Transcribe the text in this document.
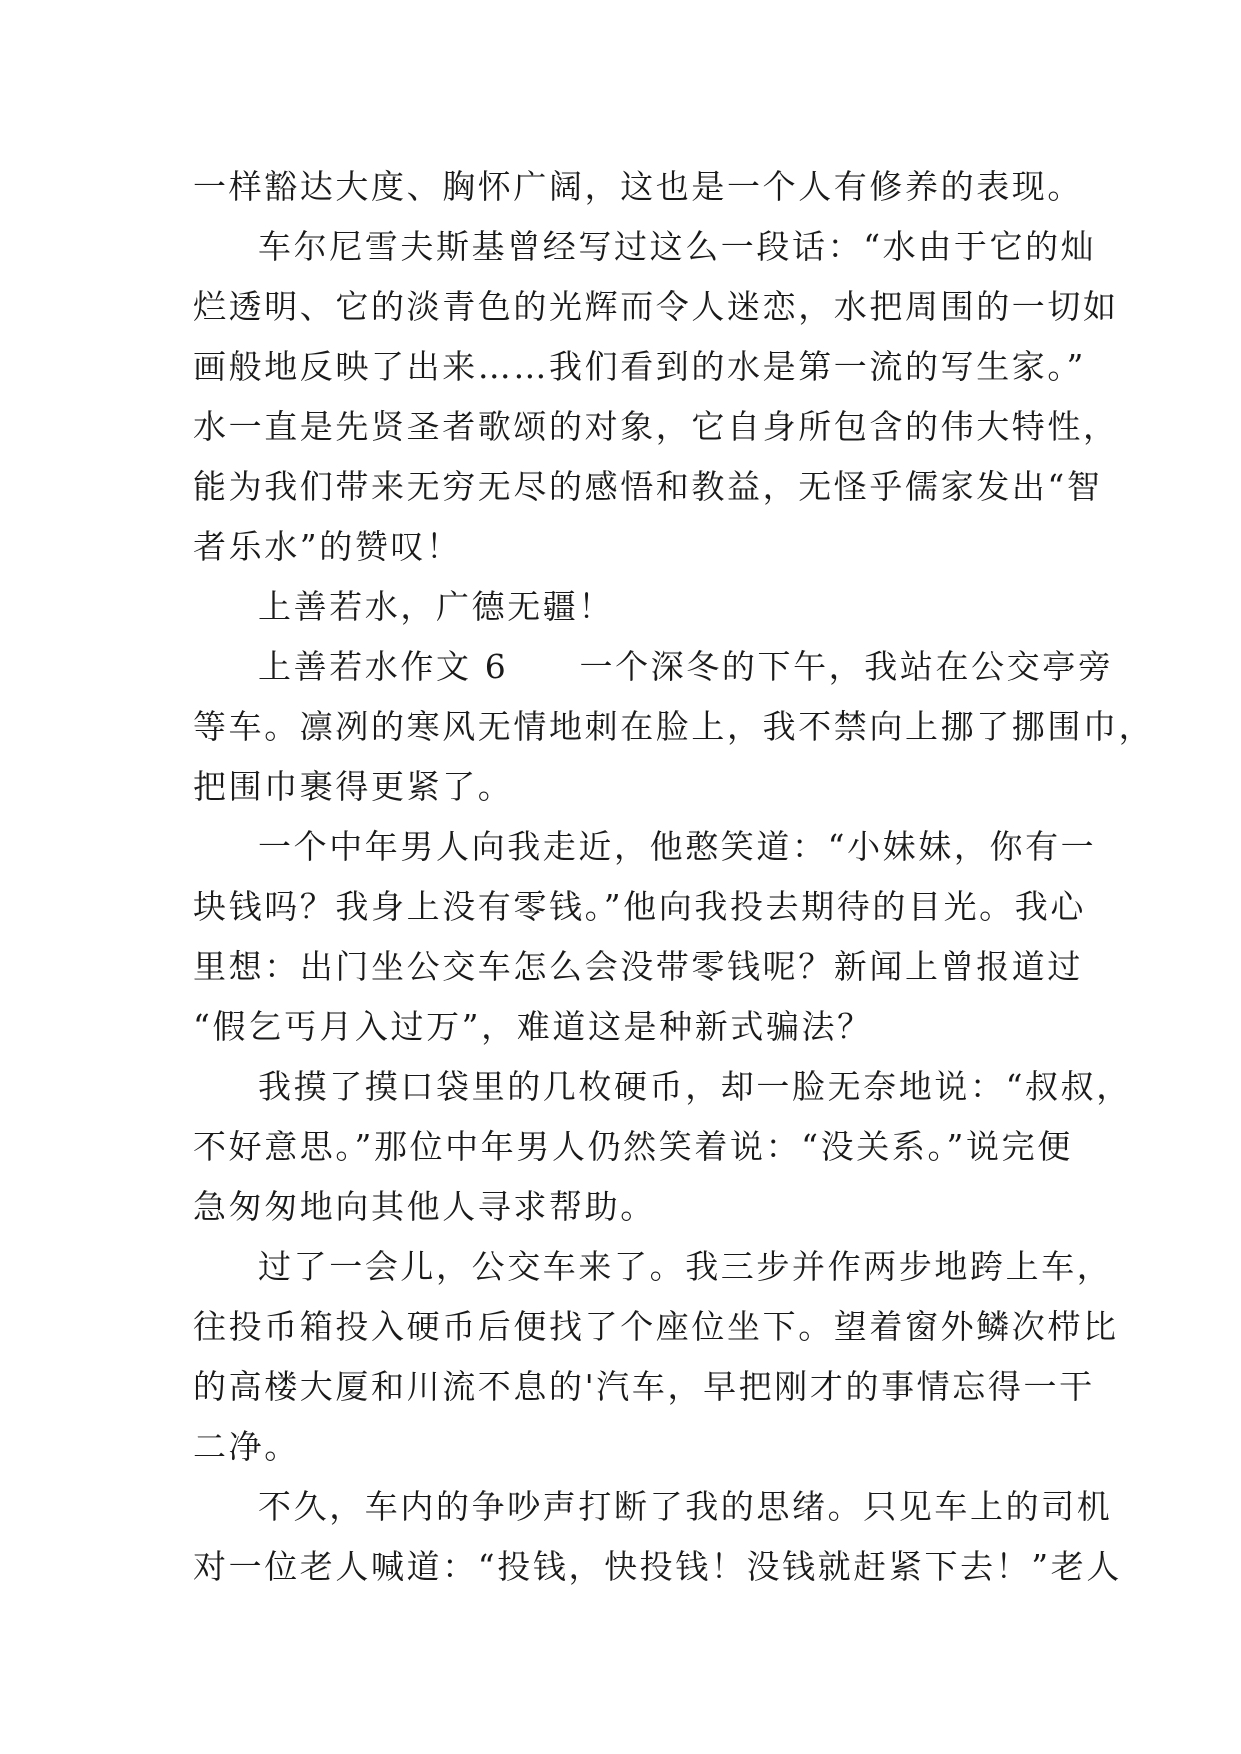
一样豁达大度、胸怀广阔，这也是一个人有修养的表现。
车尔尼雪夫斯基曾经写过这么一段话：“水由于它的灿
烂透明、它的淡青色的光辉而令人迷恋，水把周围的一切如
画般地反映了出来……我们看到的水是第一流的写生家。”
水一直是先贤圣者歌颂的对象，它自身所包含的伟大特性，
能为我们带来无穷无尽的感悟和教益，无怪乎儒家发出“智
者乐水”的赞叹！
上善若水，广德无疆！
上善若水作文 6　　一个深冬的下午，我站在公交亭旁
等车。凛冽的寒风无情地刺在脸上，我不禁向上挪了挪围巾，
把围巾裹得更紧了。
一个中年男人向我走近，他憨笑道：“小妹妹，你有一
块钱吗？我身上没有零钱。”他向我投去期待的目光。我心
里想：出门坐公交车怎么会没带零钱呢？新闻上曾报道过
“假乞丐月入过万”，难道这是种新式骗法？
我摸了摸口袋里的几枚硬币，却一脸无奈地说：“叔叔，
不好意思。”那位中年男人仍然笑着说：“没关系。”说完便
急匆匆地向其他人寻求帮助。
过了一会儿，公交车来了。我三步并作两步地跨上车，
往投币箱投入硬币后便找了个座位坐下。望着窗外鳞次栉比
的高楼大厦和川流不息的'汽车，早把刚才的事情忘得一干
二净。
不久，车内的争吵声打断了我的思绪。只见车上的司机
对一位老人喊道：“投钱，快投钱！没钱就赶紧下去！”老人
